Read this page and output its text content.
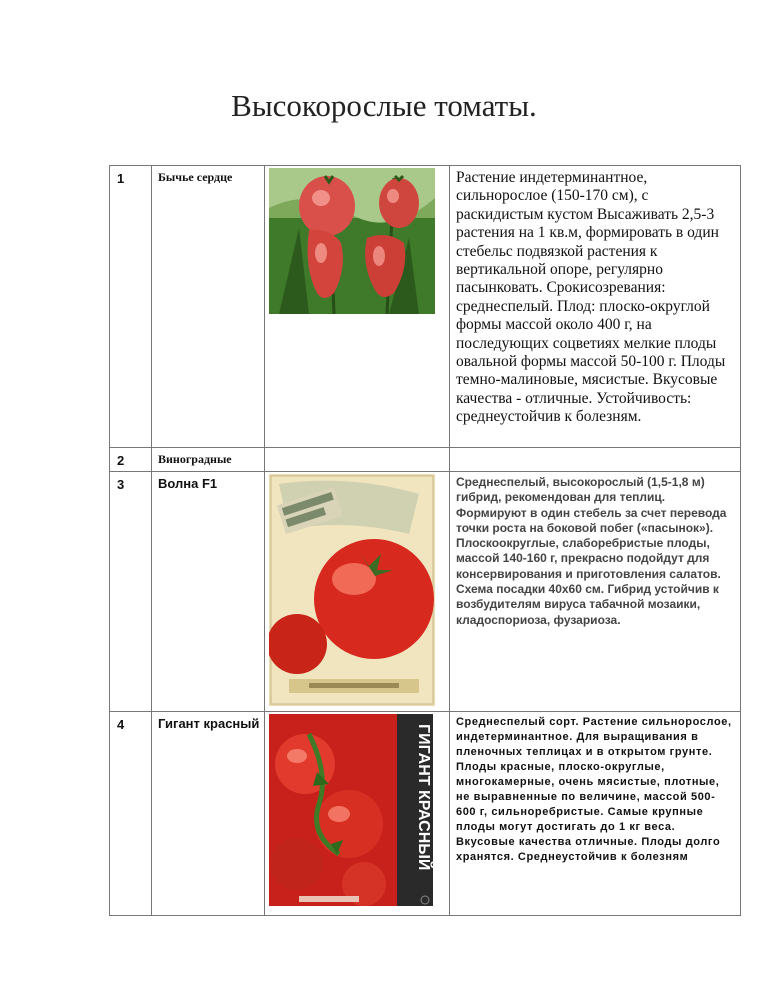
Высокорослые томаты.
1	Бычье сердце		Растение индетерминантное, сильнорослое (150-170 см), с раскидистым кустом Высаживать 2,5-3 растения на 1 кв.м, формировать в один стебельс подвязкой растения к вертикальной опоре, регулярно пасынковать. Срокисозревания: среднеспелый. Плод: плоско-округлой формы массой около 400 г, на последующих соцветиях мелкие плоды овальной формы массой 50-100 г. Плоды темно-малиновые, мясистые. Вкусовые качества - отличные. Устойчивость: среднеустойчив к болезням.

2	Виноградные		

3	Волна F1		Среднеспелый, высокорослый (1,5-1,8 м) гибрид, рекомендован для теплиц. Формируют в один стебель за счет перевода точки роста на боковой побег («пасынок»). Плоскоокруглые, слаборебристые плоды, массой 140-160 г, прекрасно подойдут для консервирования и приготовления салатов. Схема посадки 40х60 см. Гибрид устойчив к возбудителям вируса табачной мозаики, кладоспориоза, фузариоза.

4	Гигант красный	ГИГАНТ КРАСНЫЙ	Среднеспелый сорт. Растение сильнорослое, индетерминантное. Для выращивания в пленочных теплицах и в открытом грунте. Плоды красные, плоско-округлые, многокамерные, очень мясистые, плотные, не выравненные по величине, массой 500-600 г, сильноребристые. Самые крупные плоды могут достигать до 1 кг веса. Вкусовые качества отличные. Плоды долго хранятся. Среднеустойчив к болезням
